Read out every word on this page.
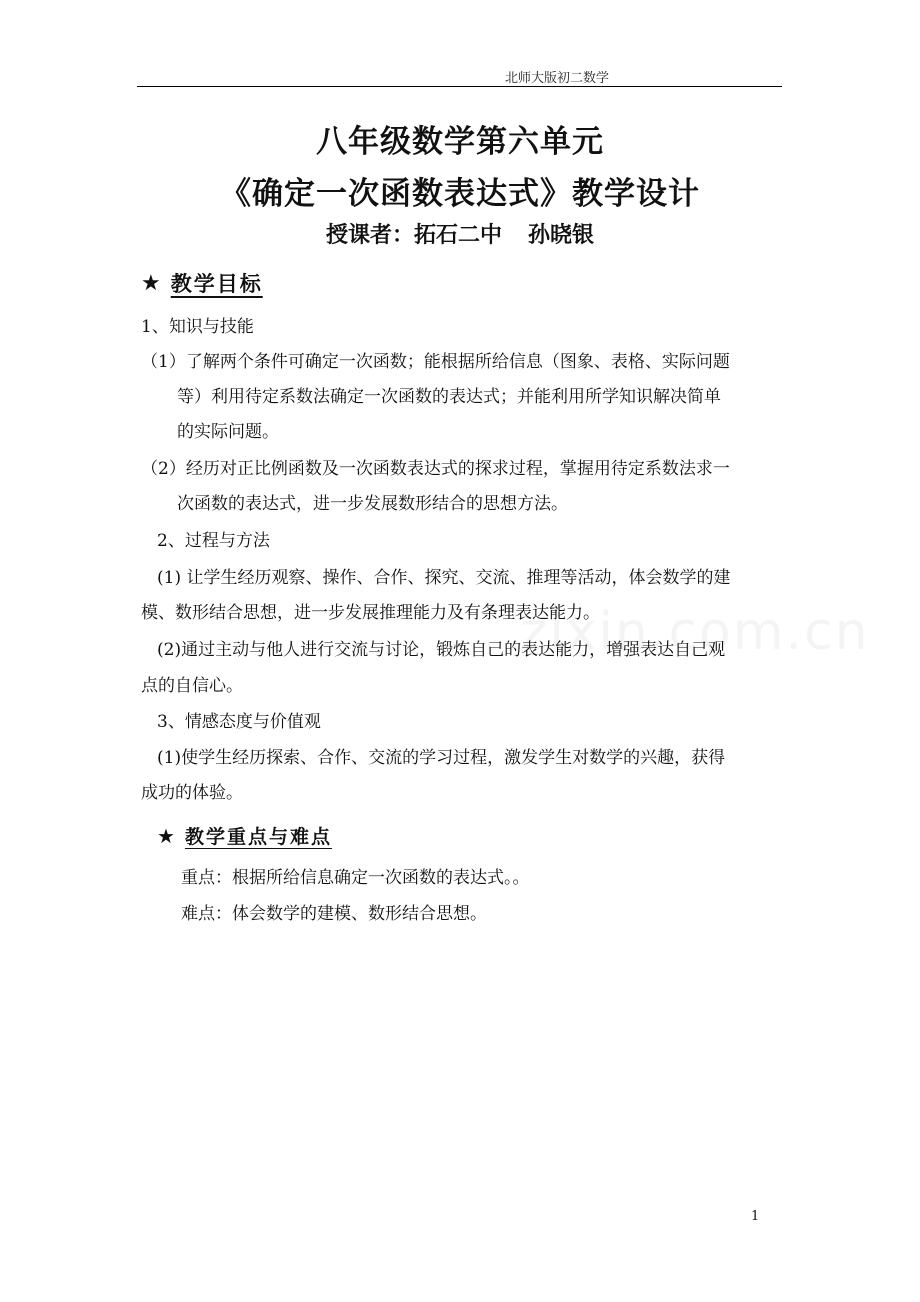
北师大版初二数学
八年级数学第六单元
《确定一次函数表达式》教学设计
授课者：拓石二中 孙晓银
★ 教学目标
1、知识与技能
（1）了解两个条件可确定一次函数；能根据所给信息（图象、表格、实际问题
等）利用待定系数法确定一次函数的表达式；并能利用所学知识解决简单
的实际问题。
（2）经历对正比例函数及一次函数表达式的探求过程，掌握用待定系数法求一
次函数的表达式，进一步发展数形结合的思想方法。
2、过程与方法
(1) 让学生经历观察、操作、合作、探究、交流、推理等活动，体会数学的建
模、数形结合思想，进一步发展推理能力及有条理表达能力。
(2)通过主动与他人进行交流与讨论，锻炼自己的表达能力，增强表达自己观
点的自信心。
3、情感态度与价值观
(1)使学生经历探索、合作、交流的学习过程，激发学生对数学的兴趣，获得
成功的体验。
★ 教学重点与难点
重点：根据所给信息确定一次函数的表达式。。
难点：体会数学的建模、数形结合思想。
1
